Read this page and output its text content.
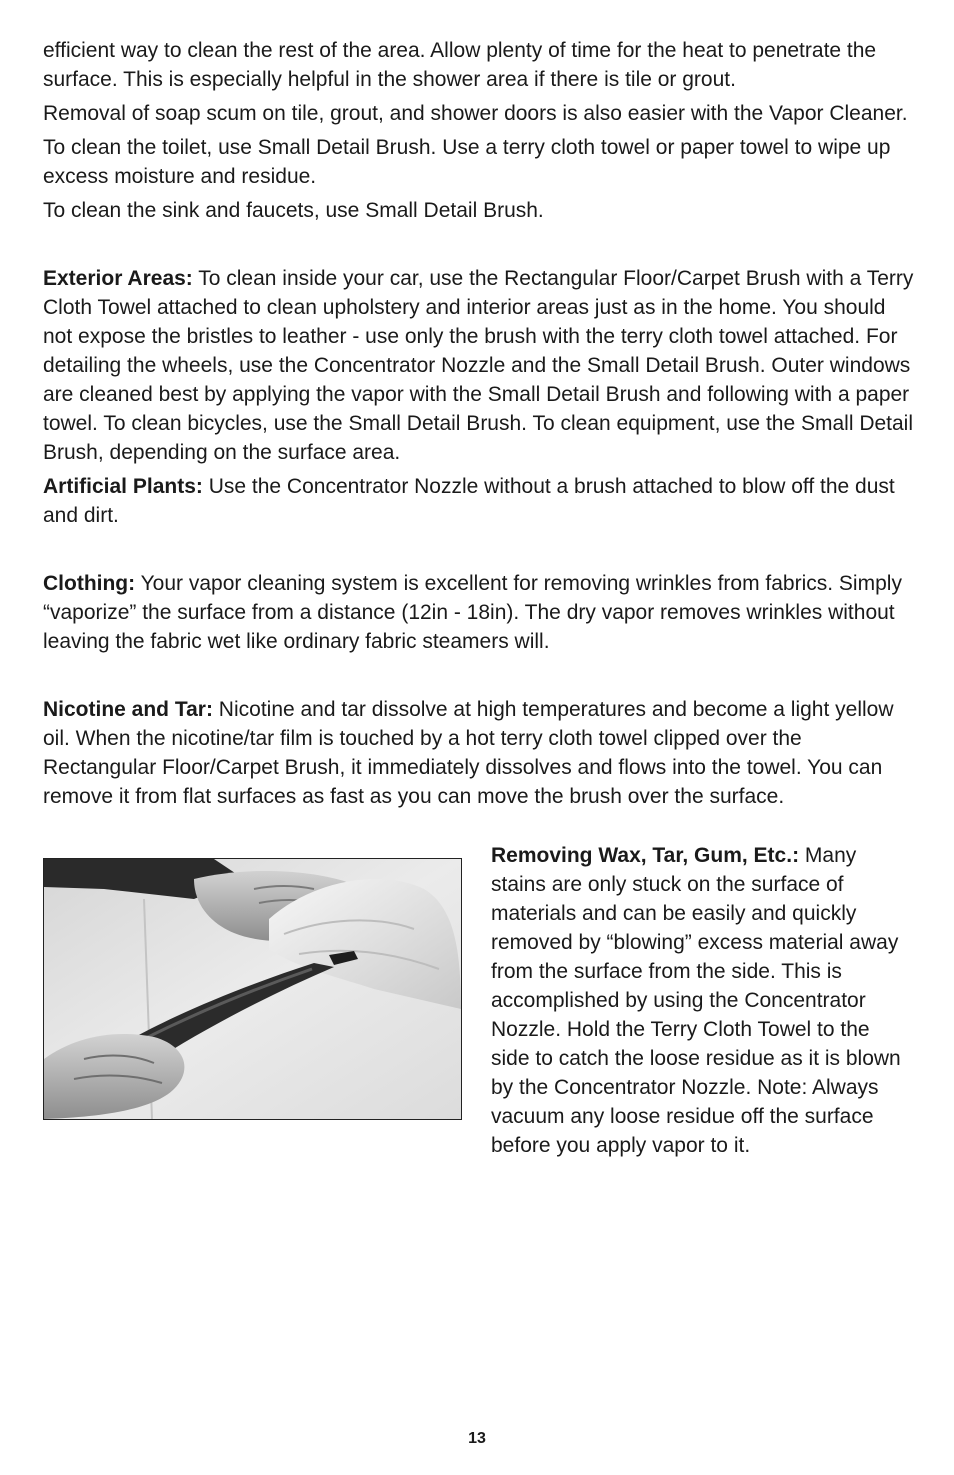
efficient way to clean the rest of the area. Allow plenty of time for the heat to penetrate the surface. This is especially helpful in the shower area if there is tile or grout.

Removal of soap scum on tile, grout, and shower doors is also easier with the Vapor Cleaner.

To clean the toilet, use Small Detail Brush. Use a terry cloth towel or paper towel to wipe up excess moisture and residue.

To clean the sink and faucets, use Small Detail Brush.

Exterior Areas: To clean inside your car, use the Rectangular Floor/Carpet Brush with a Terry Cloth Towel attached to clean upholstery and interior areas just as in the home. You should not expose the bristles to leather - use only the brush with the terry cloth towel attached. For detailing the wheels, use the Concentrator Nozzle and the Small Detail Brush. Outer windows are cleaned best by applying the vapor with the Small Detail Brush and following with a paper towel. To clean bicycles, use the Small Detail Brush. To clean equipment, use the Small Detail Brush, depending on the surface area.

Artificial Plants: Use the Concentrator Nozzle without a brush attached to blow off the dust and dirt.

Clothing: Your vapor cleaning system is excellent for removing wrinkles from fabrics. Simply “vaporize” the surface from a distance (12in - 18in). The dry vapor removes wrinkles without leaving the fabric wet like ordinary fabric steamers will.

Nicotine and Tar: Nicotine and tar dissolve at high temperatures and become a light yellow oil. When the nicotine/tar film is touched by a hot terry cloth towel clipped over the Rectangular Floor/Carpet Brush, it immediately dissolves and flows into the towel. You can remove it from flat surfaces as fast as you can move the brush over the surface.

Removing Wax, Tar, Gum, Etc.: Many stains are only stuck on the surface of materials and can be easily and quickly removed by “blowing” excess material away from the surface from the side. This is accomplished by using the Concentrator Nozzle. Hold the Terry Cloth Towel to the side to catch the loose residue as it is blown by the Concentrator Nozzle. Note: Always vacuum any loose residue off the surface before you apply vapor to it.
13
